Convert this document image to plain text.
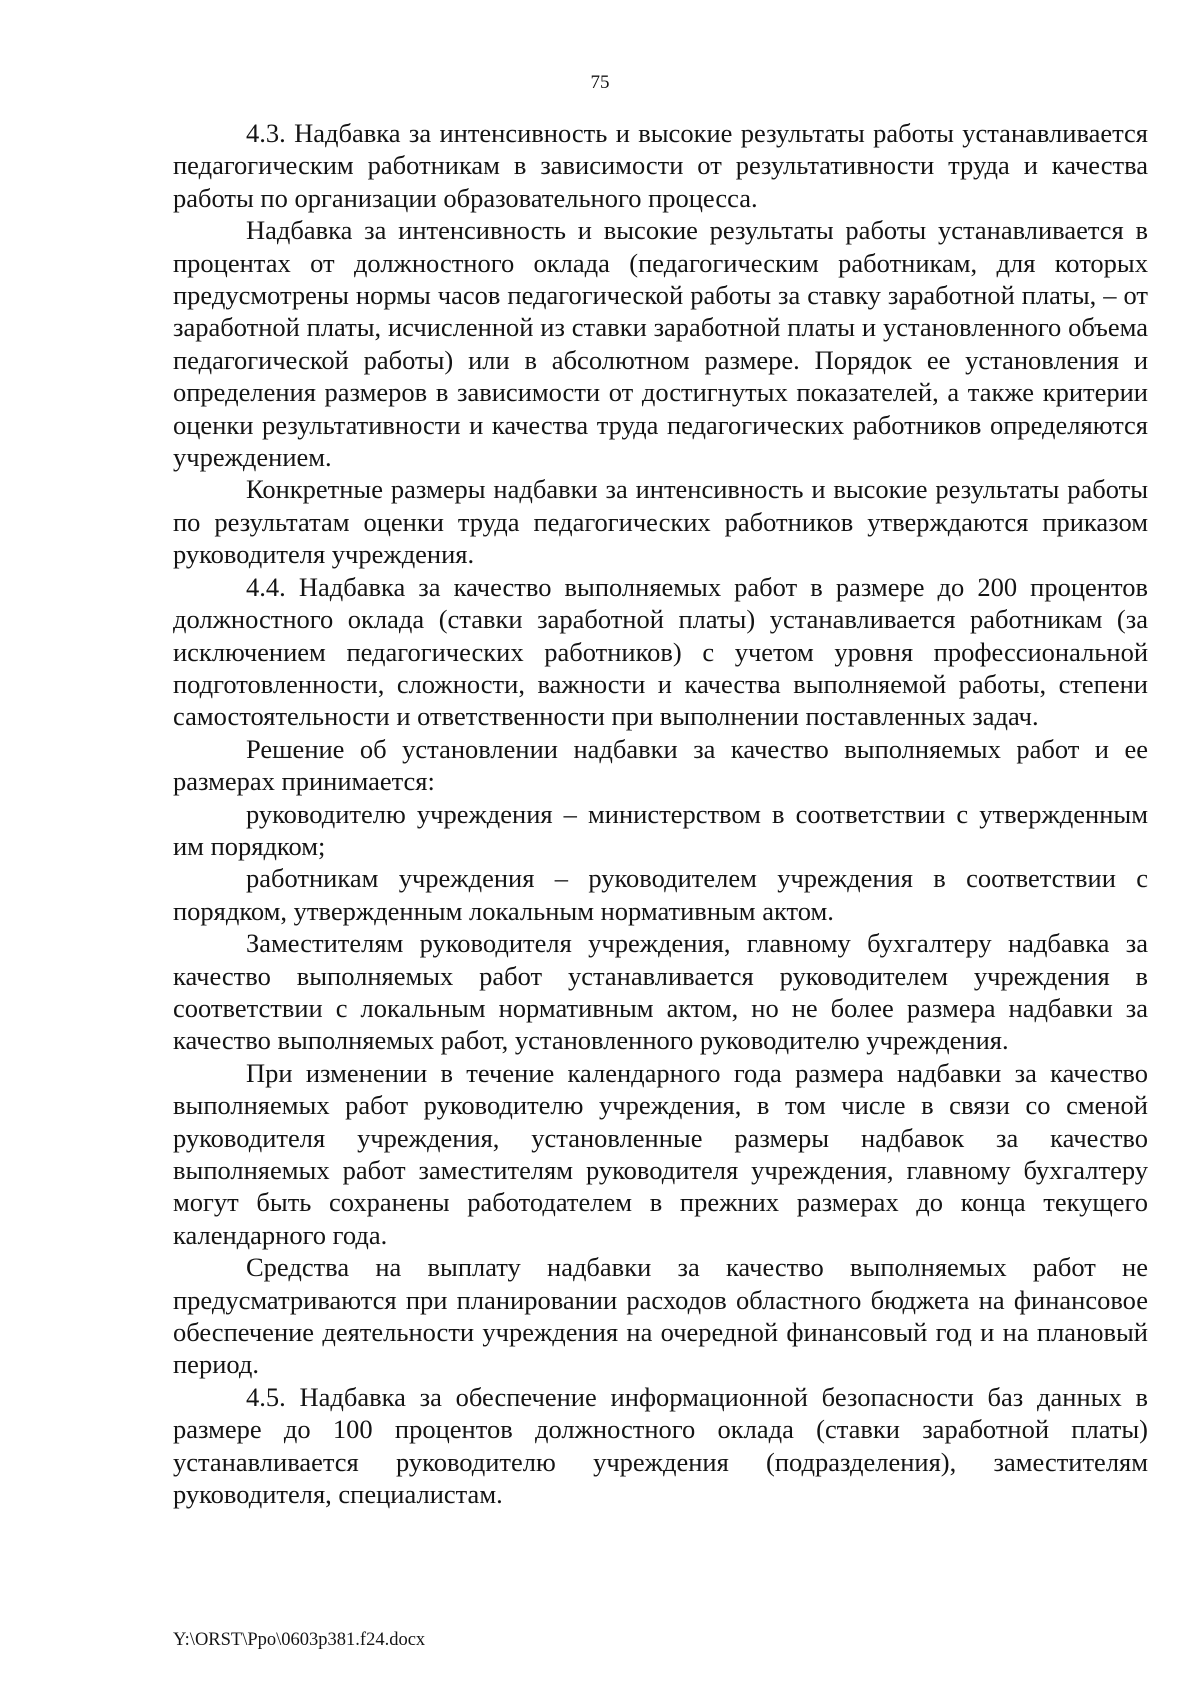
75

4.3. Надбавка за интенсивность и высокие результаты работы устанавливается педагогическим работникам в зависимости от результативности труда и качества работы по организации образовательного процесса.

Надбавка за интенсивность и высокие результаты работы устанавливается в процентах от должностного оклада (педагогическим работникам, для которых предусмотрены нормы часов педагогической работы за ставку заработной платы, – от заработной платы, исчисленной из ставки заработной платы и установленного объема педагогической работы) или в абсолютном размере. Порядок ее установления и определения размеров в зависимости от достигнутых показателей, а также критерии оценки результативности и качества труда педагогических работников определяются учреждением.

Конкретные размеры надбавки за интенсивность и высокие результаты работы по результатам оценки труда педагогических работников утверждаются приказом руководителя учреждения.

4.4. Надбавка за качество выполняемых работ в размере до 200 процентов должностного оклада (ставки заработной платы) устанавливается работникам (за исключением педагогических работников) с учетом уровня профессиональной подготовленности, сложности, важности и качества выполняемой работы, степени самостоятельности и ответственности при выполнении поставленных задач.

Решение об установлении надбавки за качество выполняемых работ и ее размерах принимается:

руководителю учреждения – министерством в соответствии с утвержденным им порядком;

работникам учреждения – руководителем учреждения в соответствии с порядком, утвержденным локальным нормативным актом.

Заместителям руководителя учреждения, главному бухгалтеру надбавка за качество выполняемых работ устанавливается руководителем учреждения в соответствии с локальным нормативным актом, но не более размера надбавки за качество выполняемых работ, установленного руководителю учреждения.

При изменении в течение календарного года размера надбавки за качество выполняемых работ руководителю учреждения, в том числе в связи со сменой руководителя учреждения, установленные размеры надбавок за качество выполняемых работ заместителям руководителя учреждения, главному бухгалтеру могут быть сохранены работодателем в прежних размерах до конца текущего календарного года.

Средства на выплату надбавки за качество выполняемых работ не предусматриваются при планировании расходов областного бюджета на финансовое обеспечение деятельности учреждения на очередной финансовый год и на плановый период.

4.5. Надбавка за обеспечение информационной безопасности баз данных в размере до 100 процентов должностного оклада (ставки заработной платы) устанавливается руководителю учреждения (подразделения), заместителям руководителя, специалистам.

Y:\ORST\Ppo\0603p381.f24.docx
